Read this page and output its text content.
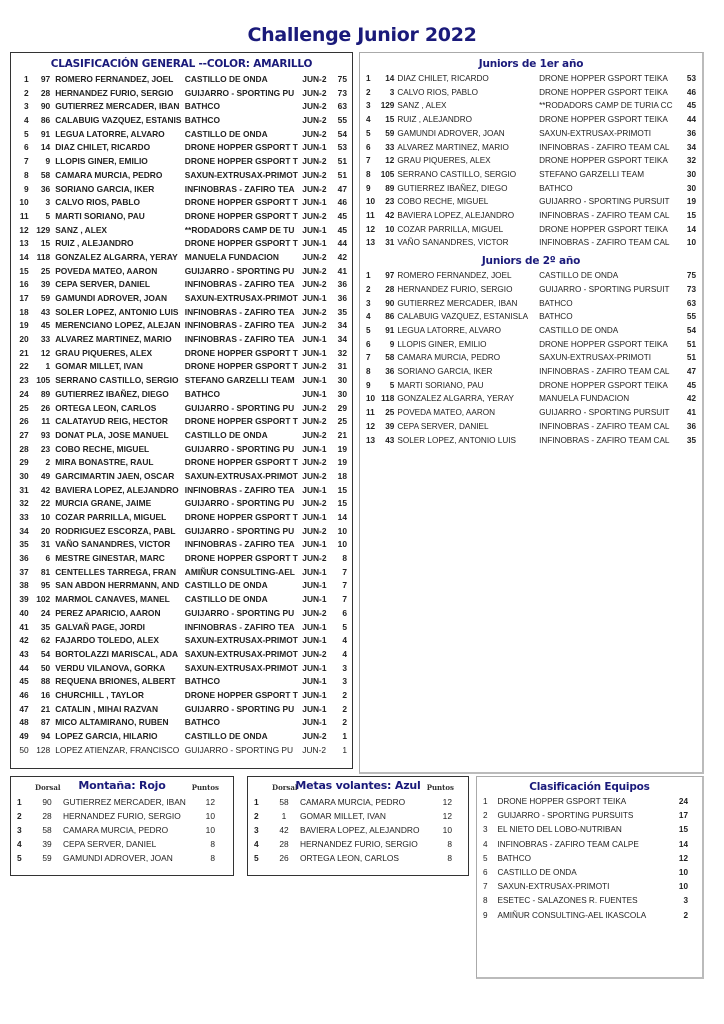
Challenge Junior 2022
CLASIFICACIÓN GENERAL --COLOR: AMARILLO
1	97	ROMERO FERNANDEZ, JOEL	CASTILLO DE ONDA	JUN-2	75
2	28	HERNANDEZ FURIO, SERGIO	GUIJARRO - SPORTING PU	JUN-2	73
3	90	GUTIERREZ MERCADER, IBAN	BATHCO	JUN-2	63
4	86	CALABUIG VAZQUEZ, ESTANIS	BATHCO	JUN-2	55
5	91	LEGUA LATORRE, ALVARO	CASTILLO DE ONDA	JUN-2	54
6	14	DIAZ CHILET, RICARDO	DRONE HOPPER GSPORT T	JUN-1	53
7	9	LLOPIS GINER, EMILIO	DRONE HOPPER GSPORT T	JUN-2	51
8	58	CAMARA MURCIA, PEDRO	SAXUN-EXTRUSAX-PRIMOT	JUN-2	51
9	36	SORIANO GARCIA, IKER	INFINOBRAS - ZAFIRO TEA	JUN-2	47
10	3	CALVO RIOS, PABLO	DRONE HOPPER GSPORT T	JUN-1	46
11	5	MARTI SORIANO, PAU	DRONE HOPPER GSPORT T	JUN-2	45
12	129	SANZ , ALEX	**RODADORS CAMP DE TU	JUN-1	45
13	15	RUIZ , ALEJANDRO	DRONE HOPPER GSPORT T	JUN-1	44
14	118	GONZALEZ ALGARRA, YERAY	MANUELA FUNDACION	JUN-2	42
15	25	POVEDA MATEO, AARON	GUIJARRO - SPORTING PU	JUN-2	41
16	39	CEPA SERVER, DANIEL	INFINOBRAS - ZAFIRO TEA	JUN-2	36
17	59	GAMUNDI ADROVER, JOAN	SAXUN-EXTRUSAX-PRIMOT	JUN-1	36
18	43	SOLER LOPEZ, ANTONIO LUIS	INFINOBRAS - ZAFIRO TEA	JUN-2	35
19	45	MERENCIANO LOPEZ, ALEJAN	INFINOBRAS - ZAFIRO TEA	JUN-2	34
20	33	ALVAREZ MARTINEZ, MARIO	INFINOBRAS - ZAFIRO TEA	JUN-1	34
21	12	GRAU PIQUERES, ALEX	DRONE HOPPER GSPORT T	JUN-1	32
22	1	GOMAR MILLET, IVAN	DRONE HOPPER GSPORT T	JUN-2	31
23	105	SERRANO CASTILLO, SERGIO	STEFANO GARZELLI TEAM	JUN-1	30
24	89	GUTIERREZ IBAÑEZ, DIEGO	BATHCO	JUN-1	30
25	26	ORTEGA LEON, CARLOS	GUIJARRO - SPORTING PU	JUN-2	29
26	11	CALATAYUD REIG, HECTOR	DRONE HOPPER GSPORT T	JUN-2	25
27	93	DONAT PLA, JOSE MANUEL	CASTILLO DE ONDA	JUN-2	21
28	23	COBO RECHE, MIGUEL	GUIJARRO - SPORTING PU	JUN-1	19
29	2	MIRA BONASTRE, RAUL	DRONE HOPPER GSPORT T	JUN-2	19
30	49	GARCIMARTIN JAEN, OSCAR	SAXUN-EXTRUSAX-PRIMOT	JUN-2	18
31	42	BAVIERA LOPEZ, ALEJANDRO	INFINOBRAS - ZAFIRO TEA	JUN-1	15
32	22	MURCIA GRANE, JAIME	GUIJARRO - SPORTING PU	JUN-2	15
33	10	COZAR PARRILLA, MIGUEL	DRONE HOPPER GSPORT T	JUN-1	14
34	20	RODRIGUEZ ESCORZA, PABL	GUIJARRO - SPORTING PU	JUN-2	10
35	31	VAÑO SANANDRES, VICTOR	INFINOBRAS - ZAFIRO TEA	JUN-1	10
36	6	MESTRE GINESTAR, MARC	DRONE HOPPER GSPORT T	JUN-2	8
37	81	CENTELLES TARREGA, FRAN	AMIÑUR CONSULTING-AEL	JUN-1	7
38	95	SAN ABDON HERRMANN, AND	CASTILLO DE ONDA	JUN-1	7
39	102	MARMOL CANAVES, MANEL	CASTILLO DE ONDA	JUN-1	7
40	24	PEREZ APARICIO, AARON	GUIJARRO - SPORTING PU	JUN-2	6
41	35	GALVAÑ PAGE, JORDI	INFINOBRAS - ZAFIRO TEA	JUN-1	5
42	62	FAJARDO TOLEDO, ALEX	SAXUN-EXTRUSAX-PRIMOT	JUN-1	4
43	54	BORTOLAZZI MARISCAL, ADA	SAXUN-EXTRUSAX-PRIMOT	JUN-2	4
44	50	VERDU VILANOVA, GORKA	SAXUN-EXTRUSAX-PRIMOT	JUN-1	3
45	88	REQUENA BRIONES, ALBERT	BATHCO	JUN-1	3
46	16	CHURCHILL , TAYLOR	DRONE HOPPER GSPORT T	JUN-1	2
47	21	CATALIN , MIHAI RAZVAN	GUIJARRO - SPORTING PU	JUN-1	2
48	87	MICO ALTAMIRANO, RUBEN	BATHCO	JUN-1	2
49	94	LOPEZ GARCIA, HILARIO	CASTILLO DE ONDA	JUN-2	1
50	128	LOPEZ ATIENZAR, FRANCISCO	GUIJARRO - SPORTING PU	JUN-2	1
Juniors de 1er año
1	14	DIAZ CHILET, RICARDO	DRONE HOPPER GSPORT TEIKA	53
2	3	CALVO RIOS, PABLO	DRONE HOPPER GSPORT TEIKA	46
3	129	SANZ , ALEX	**RODADORS CAMP DE TURIA CC	45
4	15	RUIZ , ALEJANDRO	DRONE HOPPER GSPORT TEIKA	44
5	59	GAMUNDI ADROVER, JOAN	SAXUN-EXTRUSAX-PRIMOTI	36
6	33	ALVAREZ MARTINEZ, MARIO	INFINOBRAS - ZAFIRO TEAM CAL	34
7	12	GRAU PIQUERES, ALEX	DRONE HOPPER GSPORT TEIKA	32
8	105	SERRANO CASTILLO, SERGIO	STEFANO GARZELLI TEAM	30
9	89	GUTIERREZ IBAÑEZ, DIEGO	BATHCO	30
10	23	COBO RECHE, MIGUEL	GUIJARRO - SPORTING PURSUIT	19
11	42	BAVIERA LOPEZ, ALEJANDRO	INFINOBRAS - ZAFIRO TEAM CAL	15
12	10	COZAR PARRILLA, MIGUEL	DRONE HOPPER GSPORT TEIKA	14
13	31	VAÑO SANANDRES, VICTOR	INFINOBRAS - ZAFIRO TEAM CAL	10
Juniors de 2º año
1	97	ROMERO FERNANDEZ, JOEL	CASTILLO DE ONDA	75
2	28	HERNANDEZ FURIO, SERGIO	GUIJARRO - SPORTING PURSUIT	73
3	90	GUTIERREZ MERCADER, IBAN	BATHCO	63
4	86	CALABUIG VAZQUEZ, ESTANISLA	BATHCO	55
5	91	LEGUA LATORRE, ALVARO	CASTILLO DE ONDA	54
6	9	LLOPIS GINER, EMILIO	DRONE HOPPER GSPORT TEIKA	51
7	58	CAMARA MURCIA, PEDRO	SAXUN-EXTRUSAX-PRIMOTI	51
8	36	SORIANO GARCIA, IKER	INFINOBRAS - ZAFIRO TEAM CAL	47
9	5	MARTI SORIANO, PAU	DRONE HOPPER GSPORT TEIKA	45
10	118	GONZALEZ ALGARRA, YERAY	MANUELA FUNDACION	42
11	25	POVEDA MATEO, AARON	GUIJARRO - SPORTING PURSUIT	41
12	39	CEPA SERVER, DANIEL	INFINOBRAS - ZAFIRO TEAM CAL	36
13	43	SOLER LOPEZ, ANTONIO LUIS	INFINOBRAS - ZAFIRO TEAM CAL	35
Dorsal	Montaña: Rojo	Puntos
1	90	GUTIERREZ MERCADER, IBAN	12
2	28	HERNANDEZ FURIO, SERGIO	10
3	58	CAMARA MURCIA, PEDRO	10
4	39	CEPA SERVER, DANIEL	8
5	59	GAMUNDI ADROVER, JOAN	8
Dorsal
Metas volantes: Azul Puntos
1	58	CAMARA MURCIA, PEDRO	12
2	1	GOMAR MILLET, IVAN	12
3	42	BAVIERA LOPEZ, ALEJANDRO	10
4	28	HERNANDEZ FURIO, SERGIO	8
5	26	ORTEGA LEON, CARLOS	8
Clasificación Equipos
1	DRONE HOPPER GSPORT TEIKA	24
2	GUIJARRO - SPORTING PURSUITS	17
3	EL NIETO DEL LOBO-NUTRIBAN	15
4	INFINOBRAS - ZAFIRO TEAM CALPE	14
5	BATHCO	12
6	CASTILLO DE ONDA	10
7	SAXUN-EXTRUSAX-PRIMOTI	10
8	ESETEC - SALAZONES R. FUENTES	3
9	AMIÑUR CONSULTING-AEL IKASCOLA	2
